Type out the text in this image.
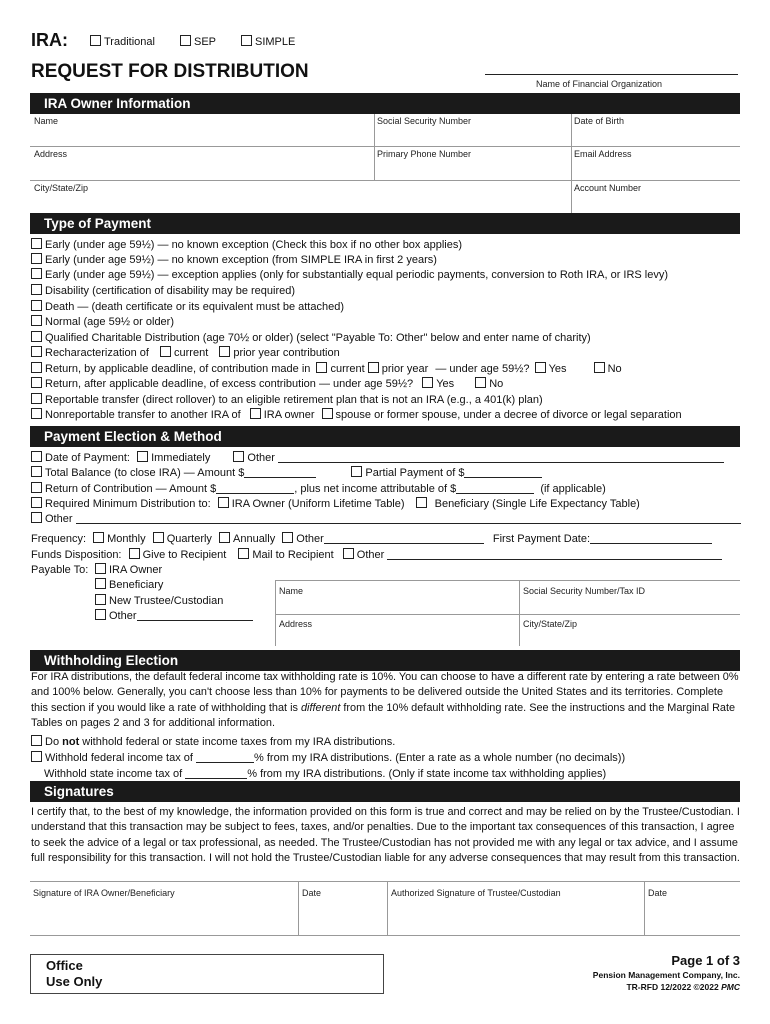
IRA:	Traditional	SEP	SIMPLE
REQUEST FOR DISTRIBUTION
Name of Financial Organization
IRA Owner Information
Name	Social Security Number	Date of Birth
Address	Primary Phone Number	Email Address
City/State/Zip	Account Number
Type of Payment
Early (under age 59½) — no known exception (Check this box if no other box applies)
Early (under age 59½) — no known exception (from SIMPLE IRA in first 2 years)
Early (under age 59½) — exception applies (only for substantially equal periodic payments, conversion to Roth IRA, or IRS levy)
Disability (certification of disability may be required)
Death — (death certificate or its equivalent must be attached)
Normal (age 59½ or older)
Qualified Charitable Distribution (age 70½ or older) (select "Payable To: Other" below and enter name of charity)
Recharacterization of current prior year contribution
Return, by applicable deadline, of contribution made in current prior year — under age 59½? Yes	No
Return, after applicable deadline, of excess contribution — under age 59½? Yes	No
Reportable transfer (direct rollover) to an eligible retirement plan that is not an IRA (e.g., a 401(k) plan)
Nonreportable transfer to another IRA of IRA owner spouse or former spouse, under a decree of divorce or legal separation
Payment Election & Method
Date of Payment: Immediately	Other
Total Balance (to close IRA) — Amount $	Partial Payment of $
Return of Contribution — Amount $	, plus net income attributable of $	(if applicable)
Required Minimum Distribution to: IRA Owner (Uniform Lifetime Table)	Beneficiary (Single Life Expectancy Table)
Other
Frequency: Monthly Quarterly Annually Other	First Payment Date:
Funds Disposition: Give to Recipient Mail to Recipient Other
Payable To:	IRA Owner
Beneficiary
New Trustee/Custodian
Other
Name	Social Security Number/Tax ID
Address	City/State/Zip
Withholding Election
For IRA distributions, the default federal income tax withholding rate is 10%. You can choose to have a different rate by entering a rate between 0% and 100% below. Generally, you can't choose less than 10% for payments to be delivered outside the United States and its territories. Complete this section if you would like a rate of withholding that is different from the 10% default withholding rate. See the instructions and the Marginal Rate Tables on pages 2 and 3 for additional information.
Do not withhold federal or state income taxes from my IRA distributions.
Withhold federal income tax of	% from my IRA distributions. (Enter a rate as a whole number (no decimals))
Withhold state income tax of	% from my IRA distributions. (Only if state income tax withholding applies)
Signatures
I certify that, to the best of my knowledge, the information provided on this form is true and correct and may be relied on by the Trustee/Custodian. I understand that this transaction may be subject to fees, taxes, and/or penalties. Due to the important tax consequences of this transaction, I agree to seek the advice of a legal or tax professional, as needed. The Trustee/Custodian has not provided me with any legal or tax advice, and I assume full responsibility for this transaction. I will not hold the Trustee/Custodian liable for any adverse consequences that may result from this transaction.
Signature of IRA Owner/Beneficiary	Date	Authorized Signature of Trustee/Custodian	Date
Office
Use Only
Page 1 of 3
Pension Management Company, Inc.
TR-RFD 12/2022 ©2022 PMC
